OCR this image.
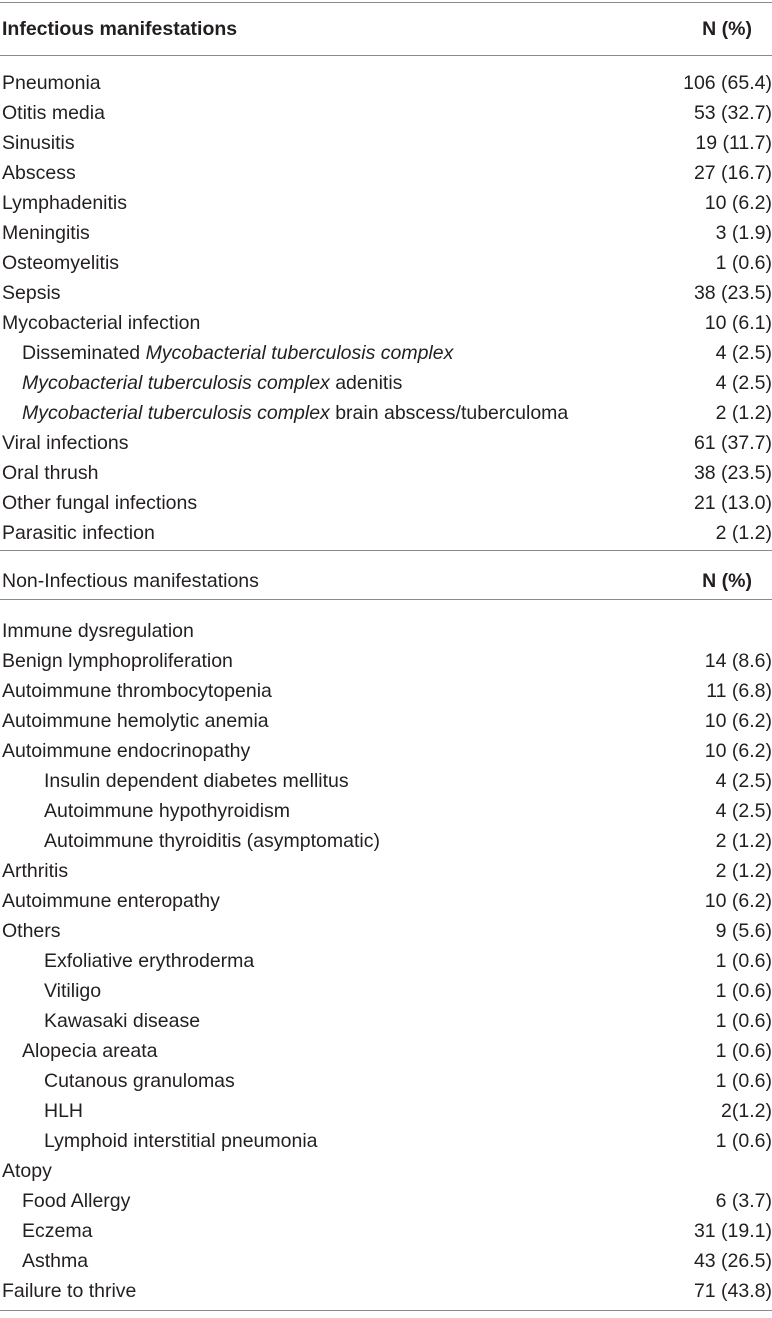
Infectious manifestations	N (%)
Pneumonia	106 (65.4)
Otitis media	53 (32.7)
Sinusitis	19 (11.7)
Abscess	27 (16.7)
Lymphadenitis	10 (6.2)
Meningitis	3 (1.9)
Osteomyelitis	1 (0.6)
Sepsis	38 (23.5)
Mycobacterial infection	10 (6.1)
Disseminated Mycobacterial tuberculosis complex	4 (2.5)
Mycobacterial tuberculosis complex adenitis	4 (2.5)
Mycobacterial tuberculosis complex brain abscess/tuberculoma	2 (1.2)
Viral infections	61 (37.7)
Oral thrush	38 (23.5)
Other fungal infections	21 (13.0)
Parasitic infection	2 (1.2)
Non-Infectious manifestations	N (%)
Immune dysregulation
Benign lymphoproliferation	14 (8.6)
Autoimmune thrombocytopenia	11 (6.8)
Autoimmune hemolytic anemia	10 (6.2)
Autoimmune endocrinopathy	10 (6.2)
Insulin dependent diabetes mellitus	4 (2.5)
Autoimmune hypothyroidism	4 (2.5)
Autoimmune thyroiditis (asymptomatic)	2 (1.2)
Arthritis	2 (1.2)
Autoimmune enteropathy	10 (6.2)
Others	9 (5.6)
Exfoliative erythroderma	1 (0.6)
Vitiligo	1 (0.6)
Kawasaki disease	1 (0.6)
Alopecia areata	1 (0.6)
Cutanous granulomas	1 (0.6)
HLH	2(1.2)
Lymphoid interstitial pneumonia	1 (0.6)
Atopy
Food Allergy	6 (3.7)
Eczema	31 (19.1)
Asthma	43 (26.5)
Failure to thrive	71 (43.8)
